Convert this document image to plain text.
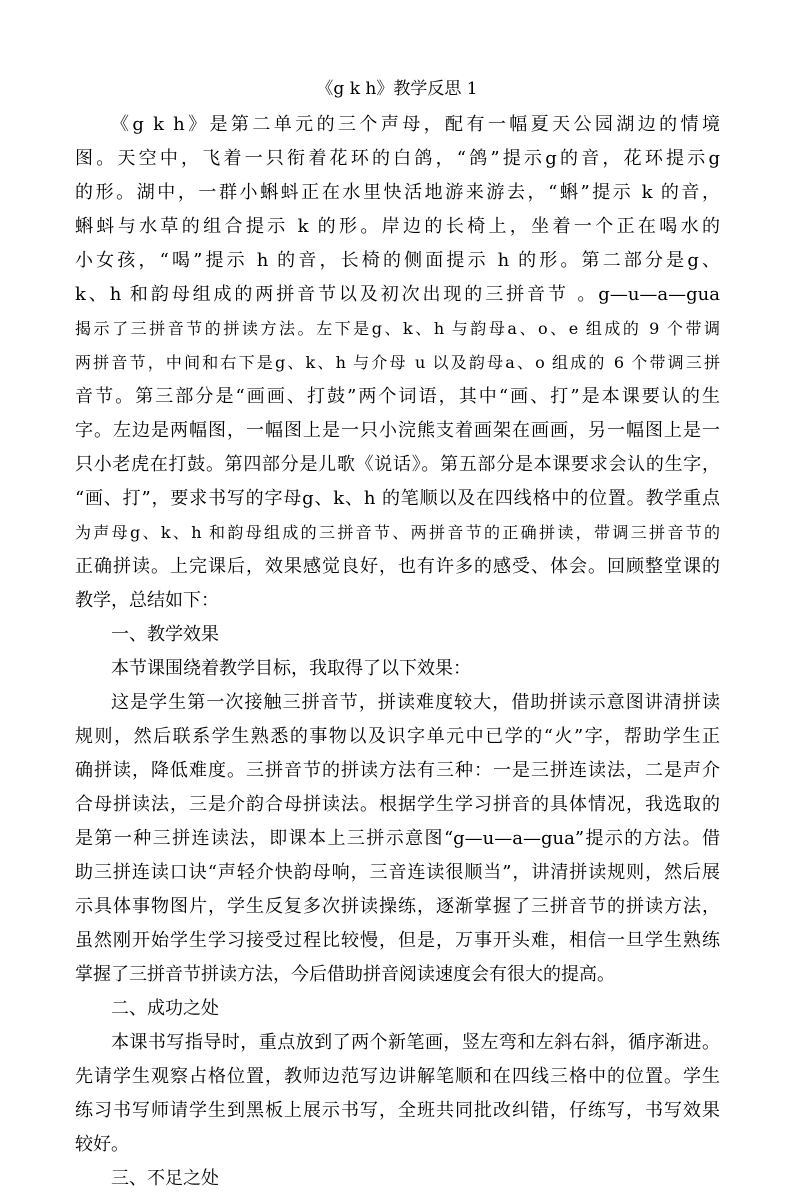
《g k h》教学反思 1
《g k h》是第二单元的三个声母，配有一幅夏天公园湖边的情境
图。天空中，飞着一只衔着花环的白鸽，“鸽”提示g的音，花环提示g
的形。湖中，一群小蝌蚪正在水里快活地游来游去，“蝌”提示 k 的音，
蝌蚪与水草的组合提示 k 的形。岸边的长椅上，坐着一个正在喝水的
小女孩，“喝”提示 h 的音，长椅的侧面提示 h 的形。第二部分是g、
k、h 和韵母组成的两拼音节以及初次出现的三拼音节 。g—u—a—gua
揭示了三拼音节的拼读方法。左下是g、k、h 与韵母a、o、e 组成的 9 个带调
两拼音节，中间和右下是g、k、h 与介母 u 以及韵母a、o 组成的 6 个带调三拼
音节。第三部分是“画画、打鼓”两个词语，其中“画、打”是本课要认的生
字。左边是两幅图，一幅图上是一只小浣熊支着画架在画画，另一幅图上是一
只小老虎在打鼓。第四部分是儿歌《说话》。第五部分是本课要求会认的生字，
“画、打”，要求书写的字母g、k、h 的笔顺以及在四线格中的位置。教学重点
为声母g、k、h 和韵母组成的三拼音节、两拼音节的正确拼读，带调三拼音节的
正确拼读。上完课后，效果感觉良好，也有许多的感受、体会。回顾整堂课的
教学，总结如下：
一、教学效果
本节课围绕着教学目标，我取得了以下效果：
这是学生第一次接触三拼音节，拼读难度较大，借助拼读示意图讲清拼读
规则，然后联系学生熟悉的事物以及识字单元中已学的“火”字，帮助学生正
确拼读，降低难度。三拼音节的拼读方法有三种：一是三拼连读法，二是声介
合母拼读法，三是介韵合母拼读法。根据学生学习拼音的具体情况，我选取的
是第一种三拼连读法，即课本上三拼示意图“g—u—a—gua”提示的方法。借
助三拼连读口诀“声轻介快韵母响，三音连读很顺当”，讲清拼读规则，然后展
示具体事物图片，学生反复多次拼读操练，逐渐掌握了三拼音节的拼读方法，
虽然刚开始学生学习接受过程比较慢，但是，万事开头难，相信一旦学生熟练
掌握了三拼音节拼读方法，今后借助拼音阅读速度会有很大的提高。
二、成功之处
本课书写指导时，重点放到了两个新笔画，竖左弯和左斜右斜，循序渐进。
先请学生观察占格位置，教师边范写边讲解笔顺和在四线三格中的位置。学生
练习书写师请学生到黑板上展示书写，全班共同批改纠错，仔练写，书写效果
较好。
三、不足之处
